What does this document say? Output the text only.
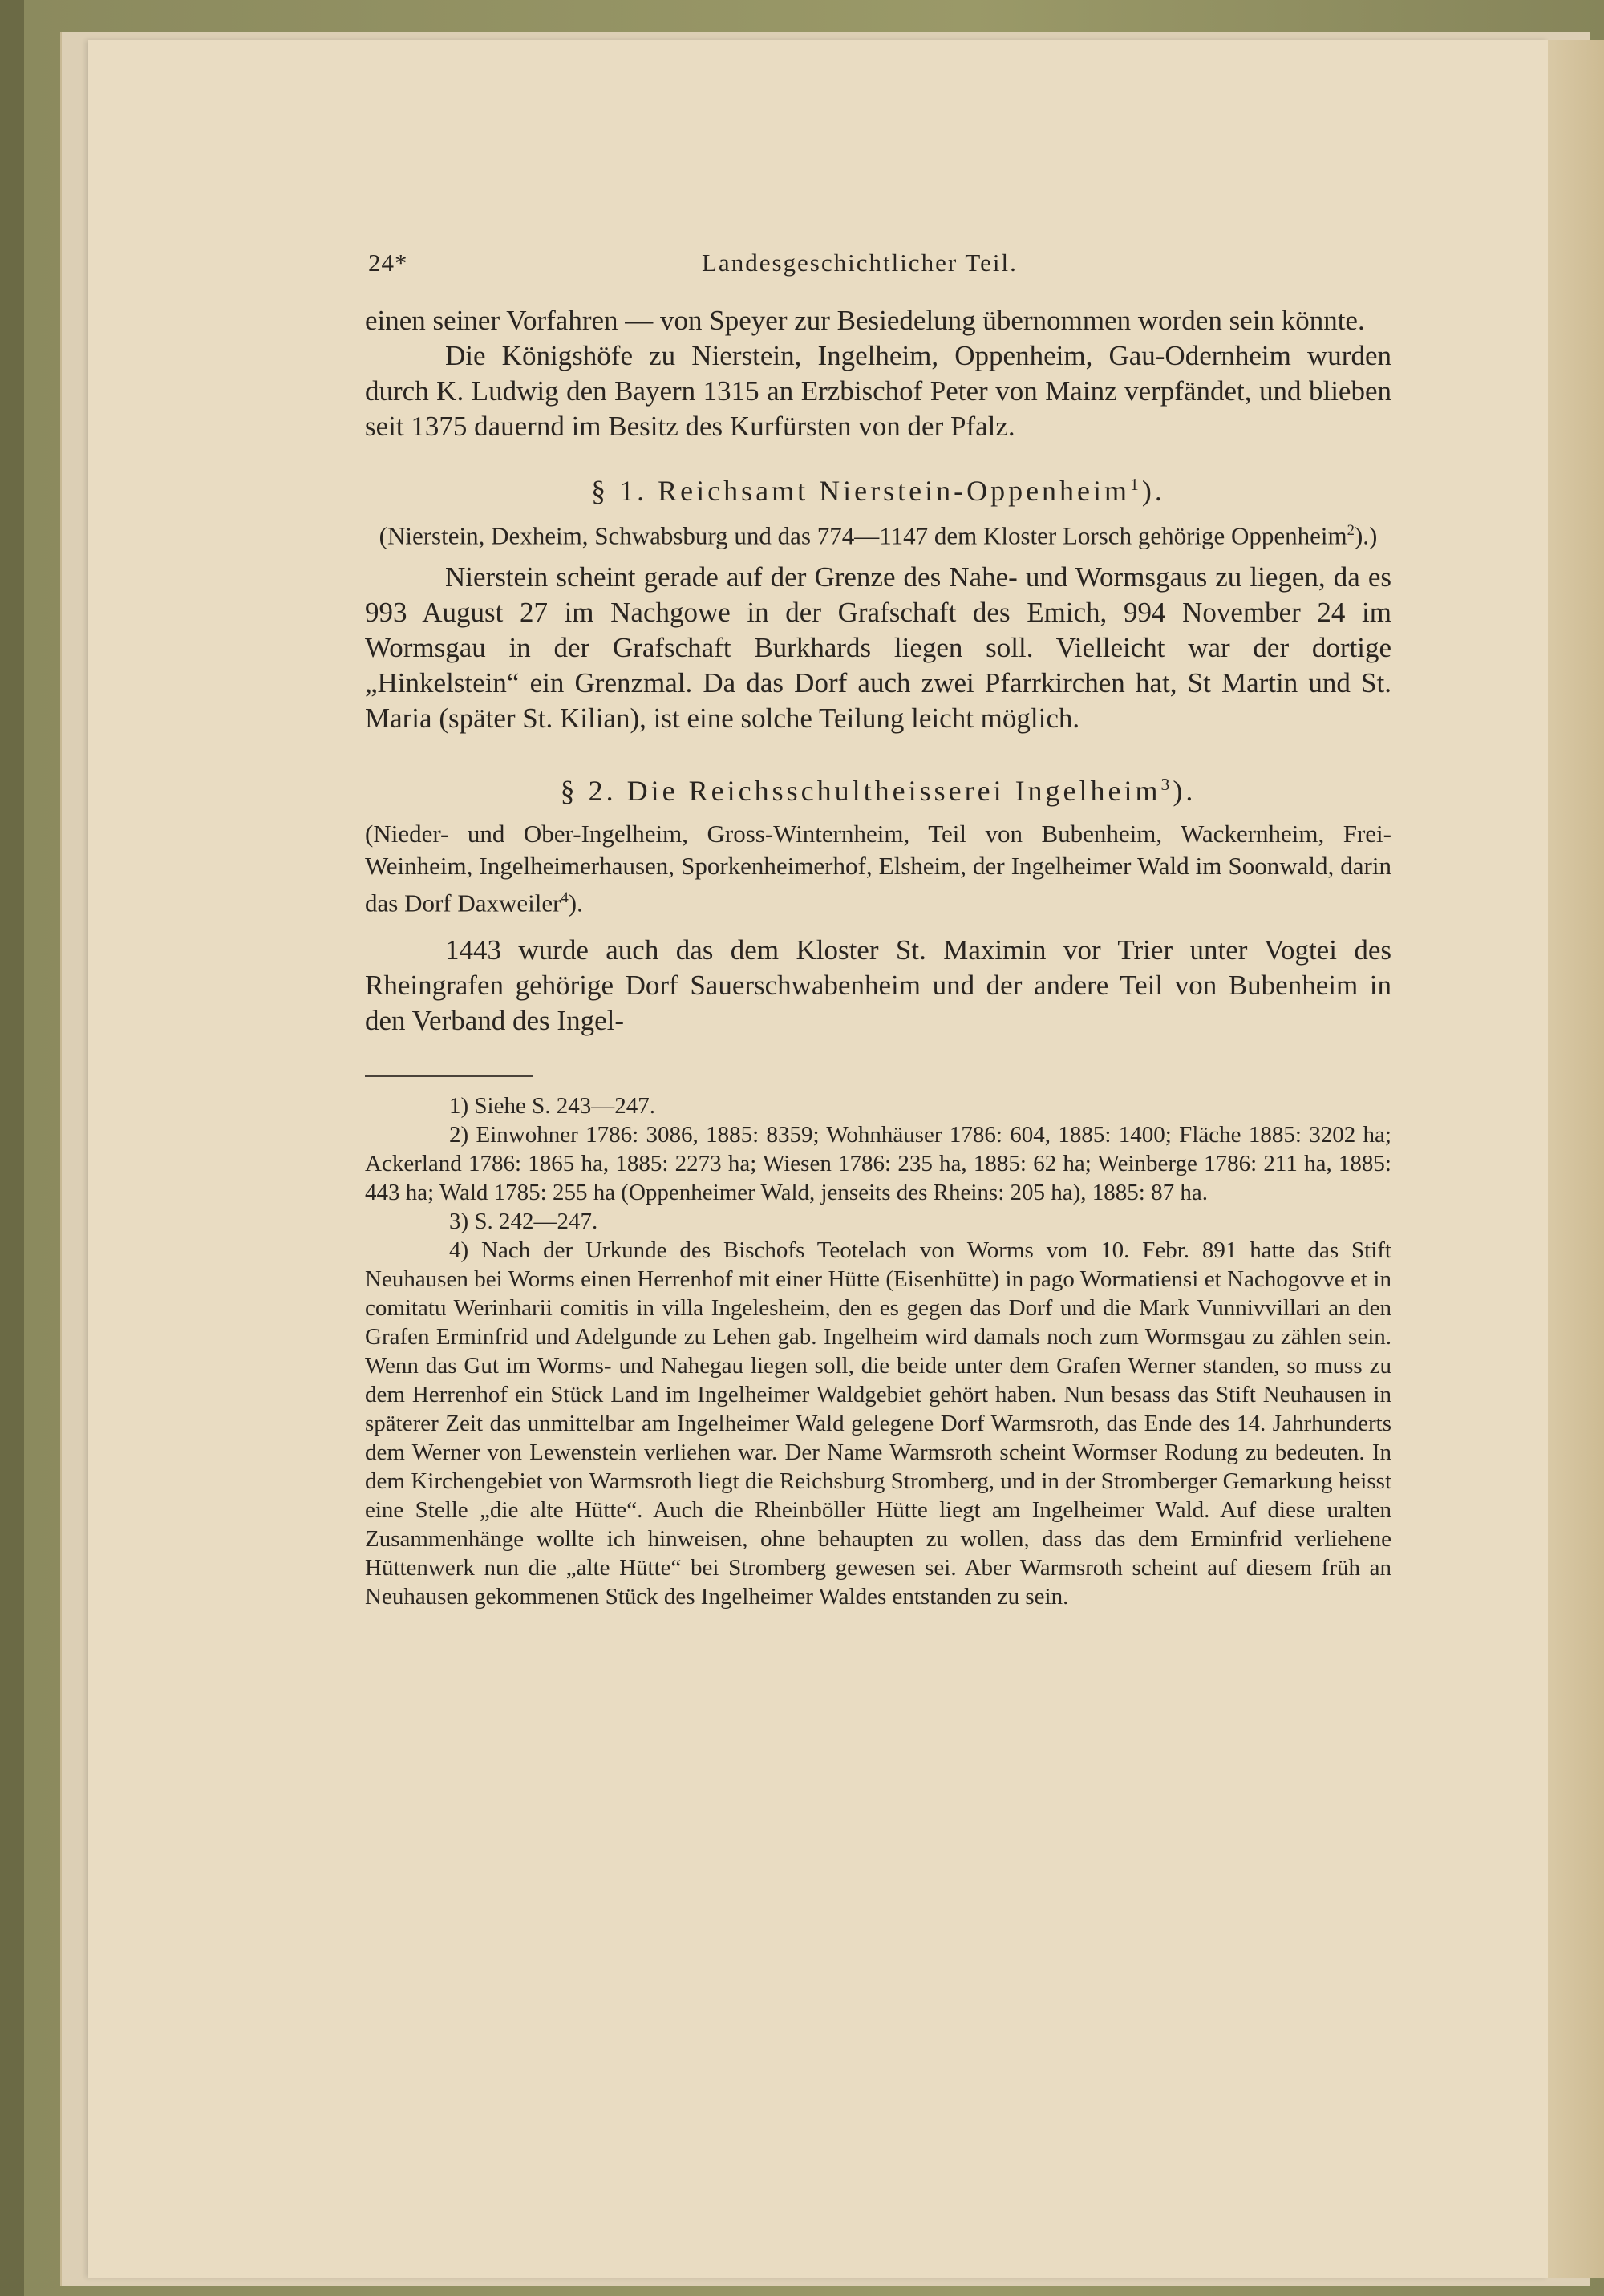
24*	Landesgeschichtlicher Teil.

einen seiner Vorfahren — von Speyer zur Besiedelung übernommen worden sein könnte.

Die Königshöfe zu Nierstein, Ingelheim, Oppenheim, Gau-Odernheim wurden durch K. Ludwig den Bayern 1315 an Erzbischof Peter von Mainz verpfändet, und blieben seit 1375 dauernd im Besitz des Kurfürsten von der Pfalz.

§ 1. Reichsamt Nierstein-Oppenheim$^1$).

(Nierstein, Dexheim, Schwabsburg und das 774—1147 dem Kloster Lorsch gehörige Oppenheim$^2$).)

Nierstein scheint gerade auf der Grenze des Nahe- und Wormsgaus zu liegen, da es 993 August 27 im Nachgowe in der Grafschaft des Emich, 994 November 24 im Wormsgau in der Grafschaft Burkhards liegen soll. Vielleicht war der dortige „Hinkelstein“ ein Grenzmal. Da das Dorf auch zwei Pfarrkirchen hat, St Martin und St. Maria (später St. Kilian), ist eine solche Teilung leicht möglich.

§ 2. Die Reichsschultheisserei Ingelheim$^3$).

(Nieder- und Ober-Ingelheim, Gross-Winternheim, Teil von Bubenheim, Wackernheim, Frei-Weinheim, Ingelheimerhausen, Sporkenheimerhof, Elsheim, der Ingelheimer Wald im Soonwald, darin das Dorf Daxweiler$^4$).

1443 wurde auch das dem Kloster St. Maximin vor Trier unter Vogtei des Rheingrafen gehörige Dorf Sauerschwabenheim und der andere Teil von Bubenheim in den Verband des Ingel-

1) Siehe S. 243—247.

2) Einwohner 1786: 3086, 1885: 8359; Wohnhäuser 1786: 604, 1885: 1400; Fläche 1885: 3202 ha; Ackerland 1786: 1865 ha, 1885: 2273 ha; Wiesen 1786: 235 ha, 1885: 62 ha; Weinberge 1786: 211 ha, 1885: 443 ha; Wald 1785: 255 ha (Oppenheimer Wald, jenseits des Rheins: 205 ha), 1885: 87 ha.

3) S. 242—247.

4) Nach der Urkunde des Bischofs Teotelach von Worms vom 10. Febr. 891 hatte das Stift Neuhausen bei Worms einen Herrenhof mit einer Hütte (Eisenhütte) in pago Wormatiensi et Nachogovve et in comitatu Werinharii comitis in villa Ingelesheim, den es gegen das Dorf und die Mark Vunnivvillari an den Grafen Erminfrid und Adelgunde zu Lehen gab. Ingelheim wird damals noch zum Wormsgau zu zählen sein. Wenn das Gut im Worms- und Nahegau liegen soll, die beide unter dem Grafen Werner standen, so muss zu dem Herrenhof ein Stück Land im Ingelheimer Waldgebiet gehört haben. Nun besass das Stift Neuhausen in späterer Zeit das unmittelbar am Ingelheimer Wald gelegene Dorf Warmsroth, das Ende des 14. Jahrhunderts dem Werner von Lewenstein verliehen war. Der Name Warmsroth scheint Wormser Rodung zu bedeuten. In dem Kirchengebiet von Warmsroth liegt die Reichsburg Stromberg, und in der Stromberger Gemarkung heisst eine Stelle „die alte Hütte“. Auch die Rheinböller Hütte liegt am Ingelheimer Wald. Auf diese uralten Zusammenhänge wollte ich hinweisen, ohne behaupten zu wollen, dass das dem Erminfrid verliehene Hüttenwerk nun die „alte Hütte“ bei Stromberg gewesen sei. Aber Warmsroth scheint auf diesem früh an Neuhausen gekommenen Stück des Ingelheimer Waldes entstanden zu sein.
